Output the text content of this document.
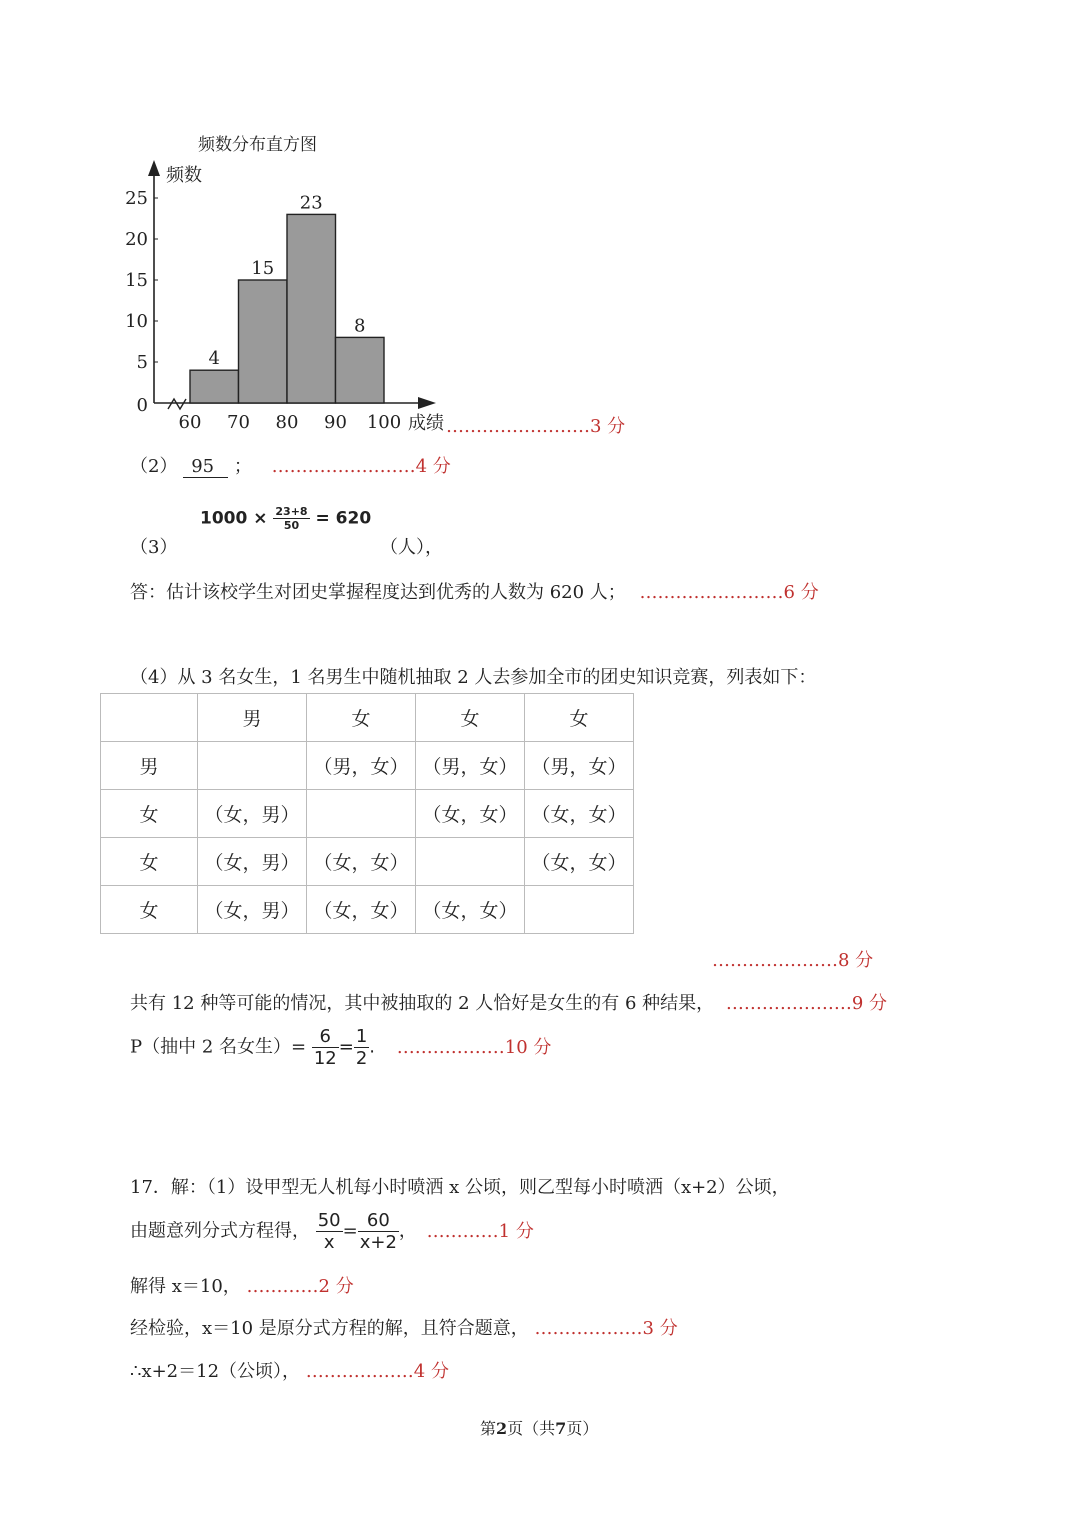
频数分布直方图
0
5
10
15
20
25
频数
4
15
23
8
60 70 80 90 100 成绩 ……………………3 分
（2） 95 ； ……………………4 分
（3）
$1000 \times \frac{23+8}{50} = 620$
（人），
答：估计该校学生对团史掌握程度达到优秀的人数为 620 人； ……………………6 分
（4）从 3 名女生，1 名男生中随机抽取 2 人去参加全市的团史知识竞赛，列表如下：
	男	女	女	女
男		（男，女）	（男，女）	（男，女）
女	（女，男）		（女，女）	（女，女）
女	（女，男）	（女，女）		（女，女）
女	（女，男）	（女，女）	（女，女）	
…………………8 分
共有 12 种等可能的情况，其中被抽取的 2 人恰好是女生的有 6 种结果， …………………9 分
P（抽中 2 名女生）= $\frac{6}{12} = \frac{1}{2}$ . ………………10 分
17．解：（1）设甲型无人机每小时喷洒 x 公顷，则乙型每小时喷洒（x+2）公顷，
由题意列分式方程得， $\frac{50}{x} = \frac{60}{x+2}$ ， …………1 分
解得 x＝10， …………2 分
经检验，x＝10 是原分式方程的解，且符合题意， ………………3 分
∴x+2＝12（公顷）， ………………4 分
第2页（共7页）
